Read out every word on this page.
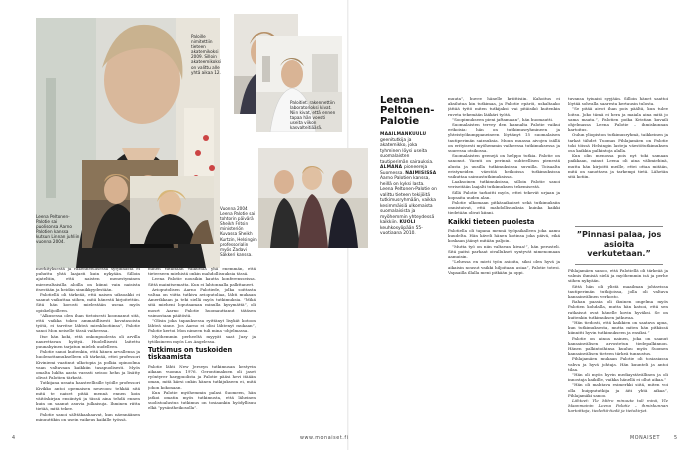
Paloille nimitettiin tieteen akatemikoksi 2009. Silloin akateemikoksi on valittu alle yhtä aikaa 12.
Leena Peltonen-Palotie sai puolisonsa Aarno Palotien kanssa kutsun Linnan juhliin vuonna 2004.
Paloitiet. rakennettiin laboratorioksi kivat. Niin kivat, että ennen tapaa hän voesti useita viikon kasvalteitiäärä.
Vuonna 2004 Leena Palotie sai tohtorin päivärä Sheikh Fritsin ministeriön Kuvassa Sheikh Kurtzin, Helsingin professorialin myös Zadavi Säkkeri kanssa.
Leena Peltonen-Palotie
MAAILMANKUULU geenitutkija ja akatemikko, joka tyhminen löysi useita suomalaisten tautiperimän sairauksia. ALMANA pioneereja Suomessa. NAIMISISSA Aarno Palotien kanssa, heillä on kyksi lasta. Leena Peltonen-Palotie on valittu tieteen tekijöitä tutkimusryhmään, vaikka kesimmäisiä ulkomaista suomalaisista ja myöhemmin yhteydessä kaikkiin. KUOLI keuhkosyöpään 55-vuotiaana 2010.

merkityksestä ja rakenneellisessa syrjinnästä ei puhuttu yhtä laajasti kuin nykyään. Silloin ajateltiin, että naisten menestyminen mieswaltaisilla aloilla on kiinni vain naisista itsestään ja heidän sinnikkyydestään.

Palotiellä oli tärkeää, että naisen uiksoakki ei saanut vaikuttaa siihen, mitä hänestä kirjoitettiin. Sitä hän korosti mielestään useaa myös opiskelijoilleen.

”Alkusessa olen ihan tietoisesti koonnanut sitä, että vaikka tokeo ammatillisesti kovatasoista työtä, ei tarvitse lähteä miesklootiinsa”, Palotie sanoi Mon neiselle tässä vaiheessa.

Itse hän koki, että onkonpuolesta oli arvilla naurettavan hyötyä. Huolellisesti laitettu puunahyinen tarjatun mieleh uudelleen.

Palotie sanoi kuitenkin, että hänen arvallensa ja huolenottamukselleen oli tärkeää, ettei professori Kiviniemi vaatinut ulkotopia ja polkia opinoolma vaan valtavaan kaikkiin tasapuolisesti. Myös omalta luklta aasta varasti seisoo hehn ja lisätty olivat Palotien tärkeät.

Tutkijana uraata haasteellisille työille professori Kivikko antoi opemaisen neuvoon: tehkää sitä mitä te naiset pitää mennä ennen koin väitöskirjan ensiintyä ja tässä aina tehdä ennen kuin on saanut asuvia julkaisuja. Ihminen riitta tietää, mitä tekee.

Palotie sanoi sälttäkaahaavat, kun näennäänen minuuttikin on usein vaikeus kaikille työssä.

minen tutkitaan vaikuttaa yhä enemmän, että tieteeseen miehistä onkin mahdollisuuksia tässä.

Leena Palotie nousikin kautta konferensseissa. Sittä mainitsematta. Kun ei lahtonnalla palkttaneet.

Avioputolisen Aarno Palotiede, jolka soittasta valtaa on viitta tutkiva avioputoliaa, lähti mukaan Amerikkaan ja teki siellä myös tutkimuksia. ”Mikä sitä mieheni loputaaman minulla kysymättä”, oli mosrt Aarno Palotie huomauttanut tätäsen vaimostaan päätöstä.

”Olisin joka tapauksessa ryittänyt lisykät kotoon lähteä sinne. Jos Aarno ei olisi lähtenyt mukaan”, Palotie kertoi Mon nimeen tuli mina -ohjelmassa.

Myöhemmin perheeltä myyyät saat Juzy ja tytöksineen myös Los Angelessa.

Tutkimus on tuskoiden tiskaamista

Palotie lähti New Jerseyn tutkimusan kestyvin aikaan vuonna 1976. Gerontimaksen oli jaset ryöntyrer hargpuolista ja Palotie pääsi hevi itäään oman, mitä kärsi onkin hänen tutkijukseen ei, mitä johon kokonaan.

Kun Palotie myöhemmin palasi Suomeen, hän jatkoi omatin myös tutkimusta, että läheinen suolistoalustus tutkimus on tosiaankin hyödyllisuu elkä ”pysäntheikosolla”.

muuta”, huvee hänelle kriittisiin. Kahoitus ei aksilutua kin tutkimaa, ja Palotie epäröi, uskaltaako jättää tyttö miten tutkijaksi vai pitäisikö kuitenkin ruveta tekemään lääkäri työtä.

”Soopimukseen pieni jaftamaan”, hän huomautti.

Suomalaisten tervey den kannalta Palotie vaikui erikoisia: hän on tutkimusryhmineen ja yhteistyökumppaneineen löytänyt 15 suomalaisen tautiperimän sairauksia. Muun muassa aivojen isällä on erityisesti myöhemmin vaiheessa tutkimuksessa ja suuressa otsikossa.

Suomalaisten geenejä on helppo tutkia. Palotie on sanonut. Vaenti on perinnä suhteellisen pienestä alusta ja uusilla tutkimuksissa suvuilla. Toisaalta eristyneiden väestöä heikoissa tutkimuksissa vaikuttaa sairaustutkimuksissa.

Laaksoinen tutkimuksissa, silloin Palotie sanoi veriseitään laajalti tutkimuksen tekemisestä.

Sillä Palotie tarkoitti myös, ettei tekevät urjaan ja kopsaita uuden alan.

Palotie ulkomaan pitkäsaikaiset sekä tutkimuksiin onnistuivat, että mahdollisuuksia kuinka kaikki tiedetään olivat kiinni.

Kaikki tieteen puolesta

Palotiella oli tapana mennä työpaikalleen joka aamu kuudelta. Hän käveli hänen kotinsa joka päivä, eikä koskaan jäänyt mitään paljoin.

”Mutta työ on niin valtavan kivaa!”, hän perusteli. Sitä paitsi parhaat oivallukset syntyvät nimenomaan aamuisin.

”Lehessa en mieti työn asioita, siksi olen hyvä ja aikaisin nousut vaikki hiljoitaan asiaa”, Palotie totesi. Vapaailla illalla meni pitkään ja oppi.

tuvansa tyiuaisi syyjään. Silloin hänet saattoi löytää sohvalla saaresta kertausin tulosta.

”Se pitää aivot ihan pois päältä, kun tulee loitsu. Joko tämä ei hera ja maiala aina mitä jo sama maata.”, Palotien poika Kristian kuvaili ohjelmassa Leena Palotie – ihmiskunnan kartoitus.

Oulun yliopiston tutkimusryhmä, taikkeinen ja tarkat tähdet Tuomas Pihlajamäen on Palotie toki töissä Helsingin lasteja väestötutkimuksen osa kaikkia palkintoja alalla.

Kun olin menossa pois nyt toki samaan paikkaan, minut Leena oli aina välimiehinä, mutta hän kirjoitti meille, ettei ottaa mitään, mitä on sanottava ja tarkempi tietä. Lähetän sitä kotiin.

”Pinnasi palaa, jos asioita verkutetaan.”

Pihlajamäen sanoo, että Palotiellä oli tärkeää ja valmis ihmisiä sielä ja myöhemmin isä ja perhe siihen nykyään.

Sittä hän oli ylistä maailman johtavissa tautiperimän tutkijoissa, jolla oli valtava kansainvälinen verkosto.

Rahan paasia oli ikuinen ongelma myös Palotien kohdalla, mutta hän katsoi, että sen ratkaisut ovat hänelle kovin hyväksi. Se on kuitenkin tutkimuksen jatkuvaa.

”Hän tiedosti, että kaikkien on saatava apua, kun tutkimuksesta, mutta miten hän pitkässä kiinnitti hyvin tutkimukseen ja ensiksi.”

Palotie on ainoa nainen, joka on saanut kansainvälisen arvostetun tiedepalkinnon. Hänen palkintoihinsa kuuluu myös Suomen kansainvälisen tieteen tärkeä tunnustus.

Pihlajamäen mukaan Palotie oli tosiasiassa vahva ja hyvä johtaja. Hän kuunteli ja antoi tilaa.

”Hän oli myös hyvin mediaystävällinen ja oli innostaja kaikille, vaikka hänellä ei ollut aikaa.”

”Hän oli mahtava esimerkki siitä, miten voi olla huippututkija ja äiti yhtä aikaa”, Pihlajamäki sanoo.

Lähteet: Yle Mitro minuuta tuli minä, Yle Maanmainin Leena Palotie – ihmiskunnan kartoittaja, tiedettä-tiedä ja tietokirjat.

4	www.monaiset.fi	MONAISET	5
